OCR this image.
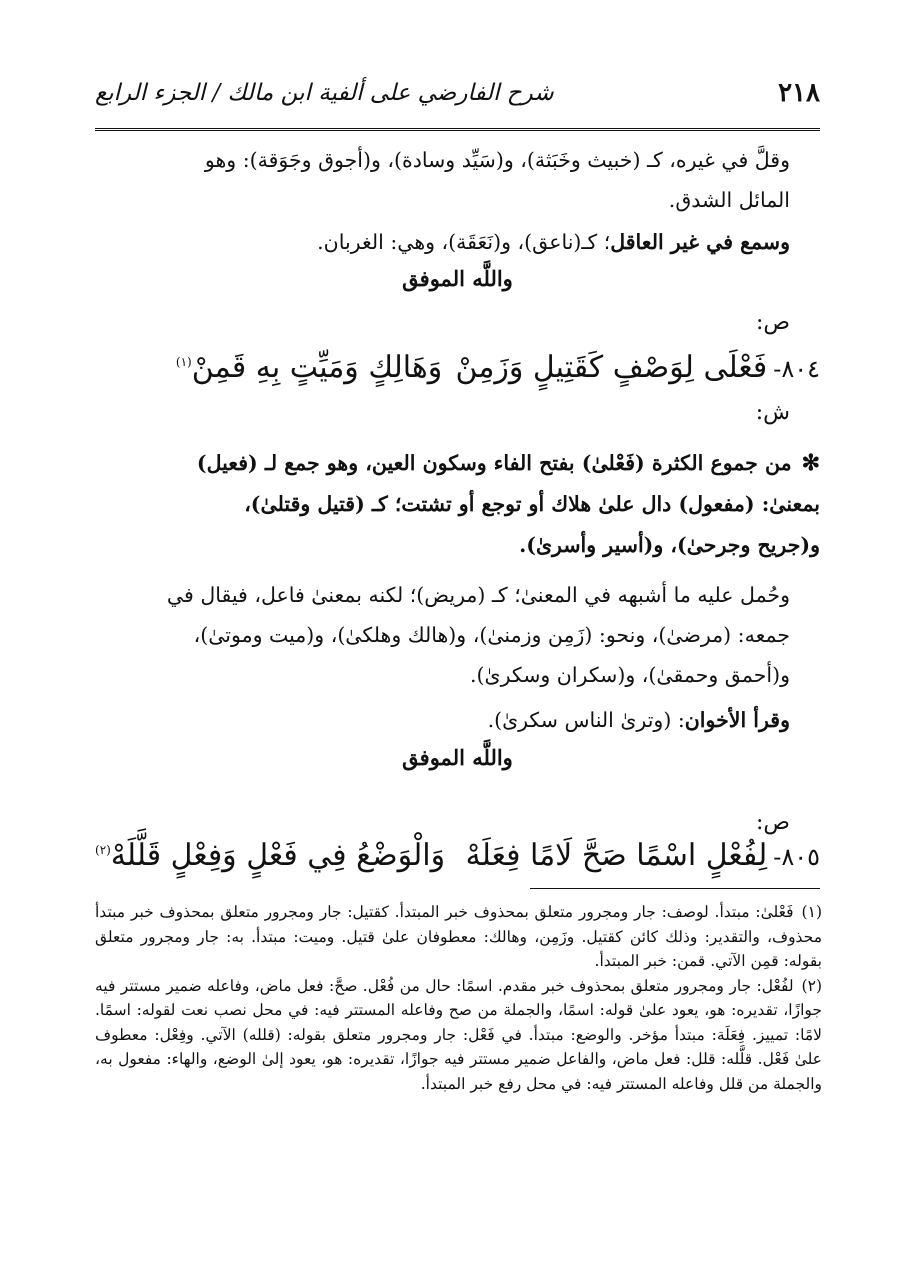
٢١٨
شرح الفارضي على ألفية ابن مالك / الجزء الرابع
وقلَّ في غيره، كـ (خبيث وخَبَثة)، و(سَيِّد وسادة)، و(أجوق وجَوَقة): وهو
المائل الشدق.
وسمع في غير العاقل؛ كـ(ناعق)، و(نَعَقَة)، وهي: الغربان.
واللَّه الموفق
ص:
٨٠٤-
فَعْلَى لِوَصْفٍ كَقَتِيلٍ وَزَمِنْ
وَهَالِكٍ وَمَيِّتٍ بِهِ قَمِنْ$^{(١)}$
ش:
✻من جموع الكثرة (فَعْلىٰ) بفتح الفاء وسكون العين، وهو جمع لـ (فعيل)
بمعنىٰ: (مفعول) دال علىٰ هلاك أو توجع أو تشتت؛ كـ (قتيل وقتلىٰ)،
و(جريح وجرحىٰ)، و(أسير وأسرىٰ).
وحُمل عليه ما أشبهه في المعنىٰ؛ كـ (مريض)؛ لكنه بمعنىٰ فاعل، فيقال في
جمعه: (مرضىٰ)، ونحو: (زَمِن وزمنىٰ)، و(هالك وهلكىٰ)، و(ميت وموتىٰ)،
و(أحمق وحمقىٰ)، و(سكران وسكرىٰ).
وقرأ الأخوان: (وترىٰ الناس سكرىٰ).
واللَّه الموفق
ص:
٨٠٥-
لِفُعْلٍ اسْمًا صَحَّ لَامًا فِعَلَهْ
وَالْوَضْعُ فِي فَعْلٍ وَفِعْلٍ قَلَّلَهْ$^{(٢)}$

(١)فَعْلىٰ: مبتدأ. لوصف: جار ومجرور متعلق بمحذوف خبر المبتدأ. كقتيل: جار ومجرور متعلق بمحذوف خبر مبتدأ محذوف، والتقدير: وذلك كائن كقتيل. وزَمِن، وهالك: معطوفان علىٰ قتيل. وميت: مبتدأ. به: جار ومجرور متعلق بقوله: قمِن الآتي. قمن: خبر المبتدأ.

(٢)لفُعْل: جار ومجرور متعلق بمحذوف خبر مقدم. اسمًا: حال من فُعْل. صحَّ: فعل ماض، وفاعله ضمير مستتر فيه جوازًا، تقديره: هو، يعود علىٰ قوله: اسمًا، والجملة من صح وفاعله المستتر فيه: في محل نصب نعت لقوله: اسمًا. لامًا: تمييز. فِعَلَة: مبتدأ مؤخر. والوضع: مبتدأ. في فَعْل: جار ومجرور متعلق بقوله: (قلله) الآتي. وفِعْل: معطوف علىٰ فَعْل. قلَّله: قلل: فعل ماض، والفاعل ضمير مستتر فيه جوازًا، تقديره: هو، يعود إلىٰ الوضع، والهاء: مفعول به، والجملة من قلل وفاعله المستتر فيه: في محل رفع خبر المبتدأ.
